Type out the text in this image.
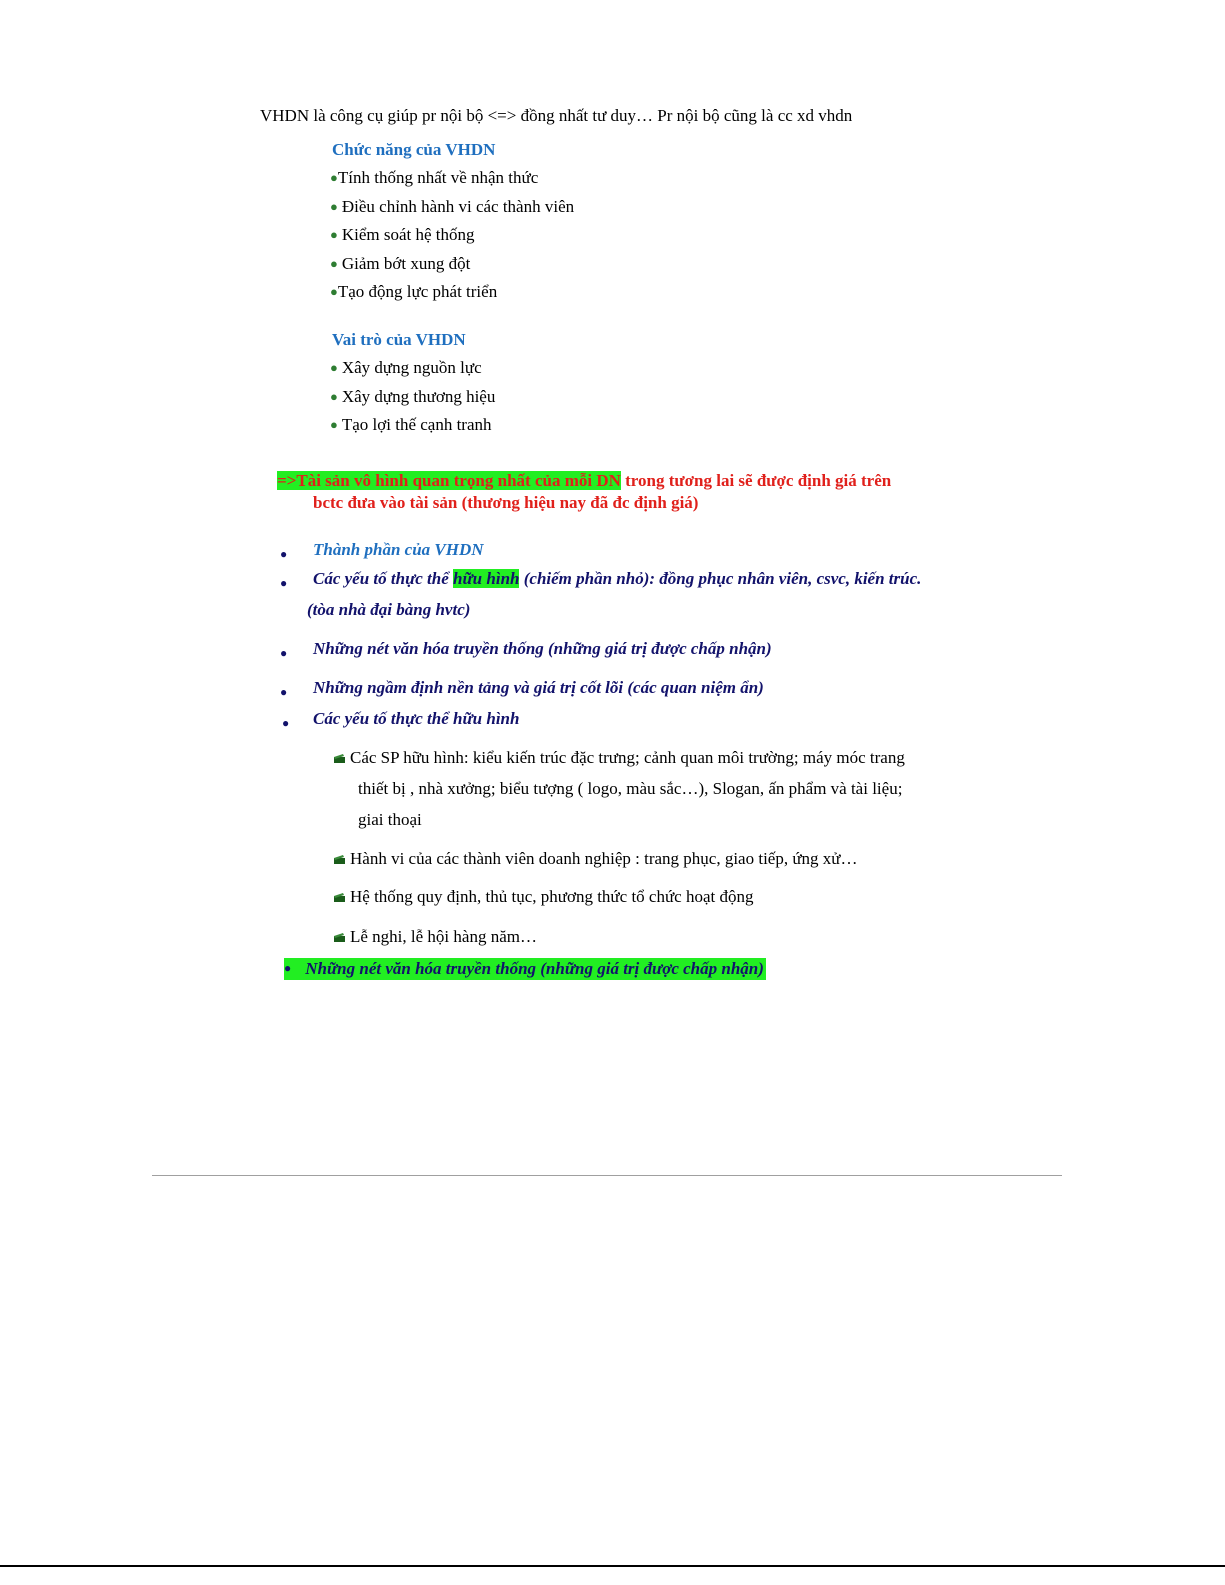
VHDN là công cụ giúp pr nội bộ <=> đồng nhất tư duy… Pr nội bộ cũng là cc xd vhdn
Chức năng của VHDN
●Tính thống nhất về nhận thức
● Điều chỉnh hành vi các thành viên
● Kiểm soát hệ thống
● Giảm bớt xung đột
●Tạo động lực phát triển
Vai trò của VHDN
● Xây dựng nguồn lực
● Xây dựng thương hiệu
● Tạo lợi thế cạnh tranh
=>Tài sản vô hình quan trọng nhất của mỗi DN trong tương lai sẽ được định giá trên
bctc đưa vào tài sản (thương hiệu nay đã đc định giá)
● Thành phần của VHDN
● Các yếu tố thực thể hữu hình (chiếm phần nhỏ): đồng phục nhân viên, csvc, kiến trúc.
(tòa nhà đại bàng hvtc)
● Những nét văn hóa truyền thống (những giá trị được chấp nhận)
● Những ngầm định nền tảng và giá trị cốt lõi (các quan niệm ẩn)
● Các yếu tố thực thể hữu hình
Các SP hữu hình: kiểu kiến trúc đặc trưng; cảnh quan môi trường; máy móc trang
thiết bị , nhà xưởng; biểu tượng ( logo, màu sắc…), Slogan, ấn phẩm và tài liệu;
giai thoại
Hành vi của các thành viên doanh nghiệp : trang phục, giao tiếp, ứng xử…
Hệ thống quy định, thủ tục, phương thức tổ chức hoạt động
Lễ nghi, lễ hội hàng năm…
● Những nét văn hóa truyền thống (những giá trị được chấp nhận)
